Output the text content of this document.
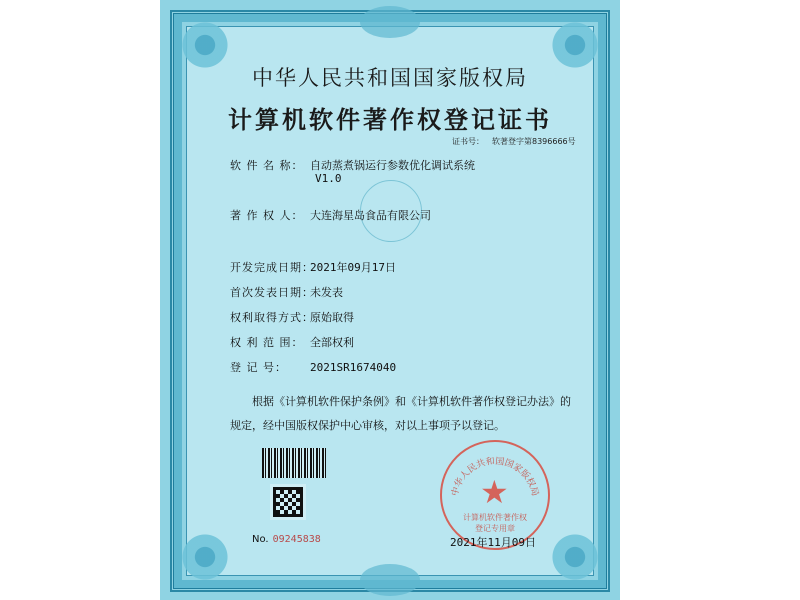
中华人民共和国国家版权局
计算机软件著作权登记证书
证书号： 软著登字第8396666号
软 件 名 称： 自动蒸煮锅运行参数优化调试系统
V1.0
著 作 权 人： 大连海星岛食品有限公司
开发完成日期：2021年09月17日
首次发表日期：未发表
权利取得方式：原始取得
权 利 范 围： 全部权利
登 记 号： 2021SR1674040
根据《计算机软件保护条例》和《计算机软件著作权登记办法》的
规定，经中国版权保护中心审核，对以上事项予以登记。
No. 09245838
中华人民共和国国家版权局
★
计算机软件著作权
登记专用章
2021年11月09日
